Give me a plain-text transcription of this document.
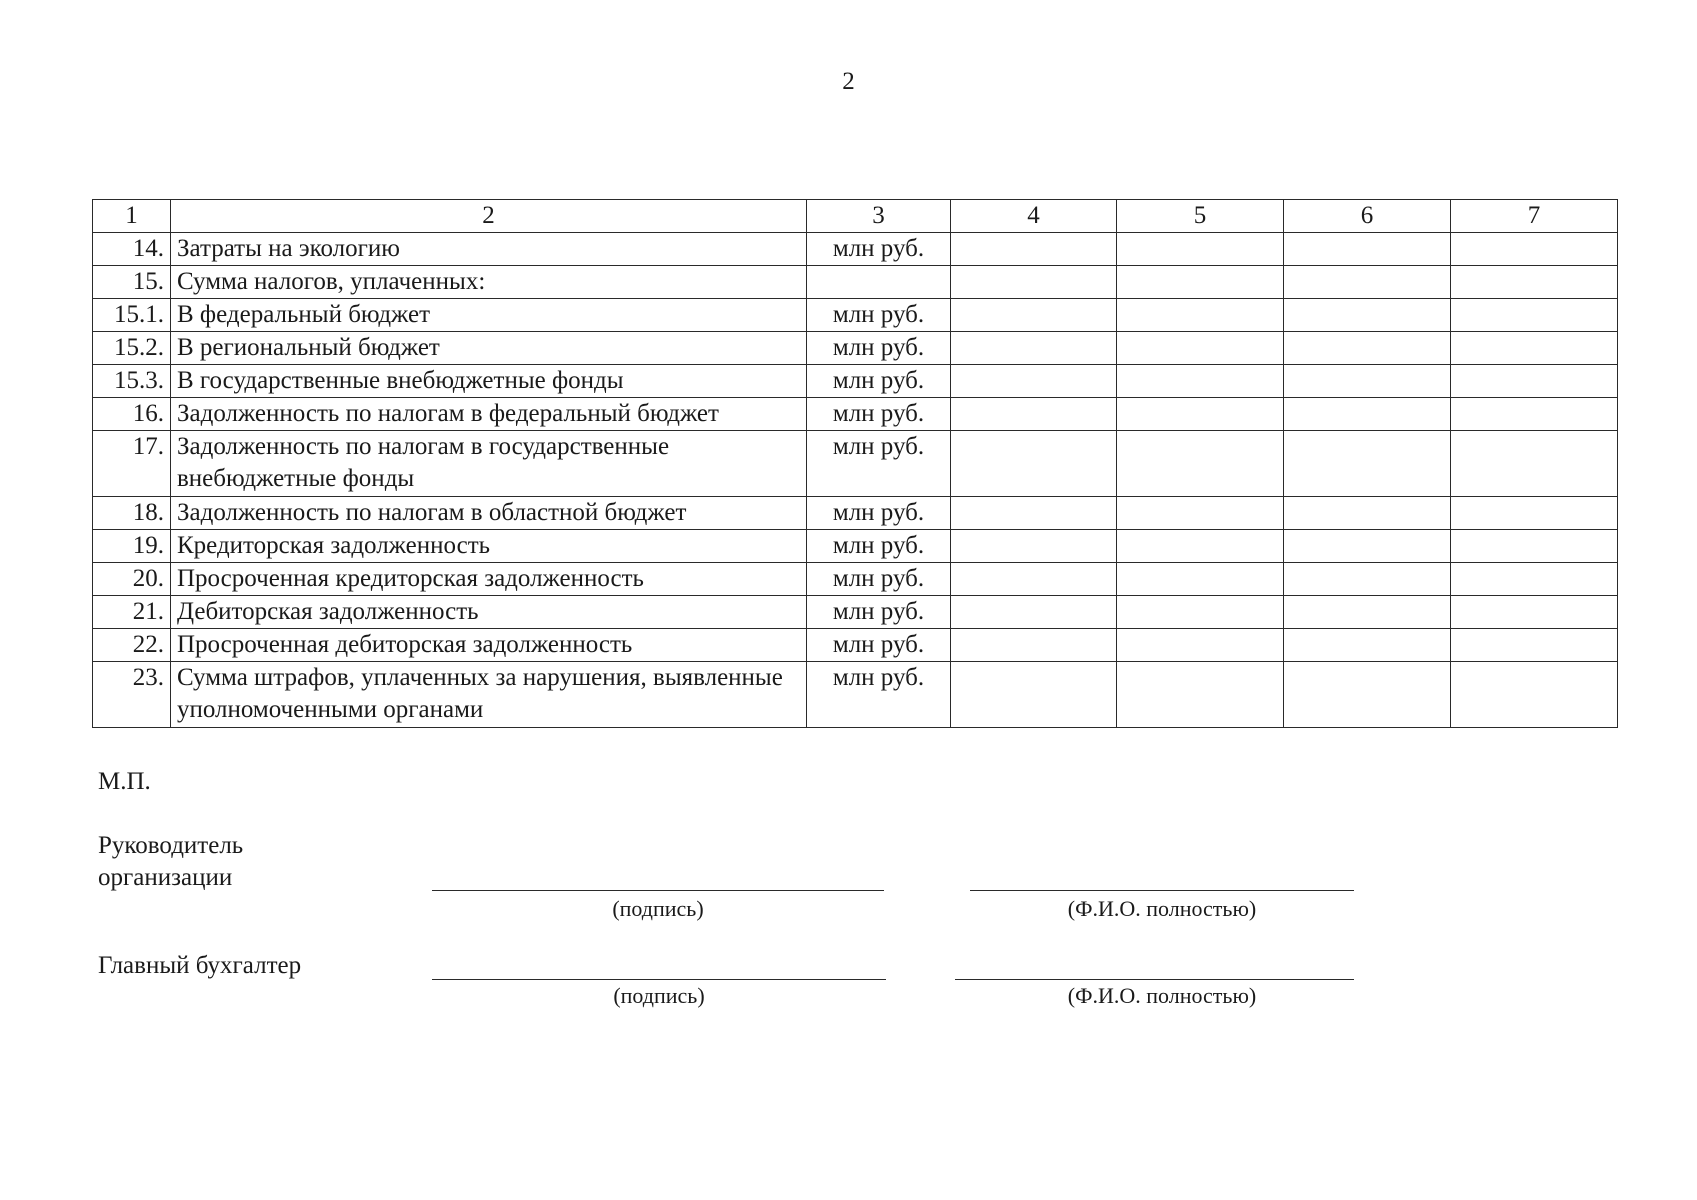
2
1	2	3	4	5	6	7
14.	Затраты на экологию	млн руб.				
15.	Сумма налогов, уплаченных:					
15.1.	В федеральный бюджет	млн руб.				
15.2.	В региональный бюджет	млн руб.				
15.3.	В государственные внебюджетные фонды	млн руб.				
16.	Задолженность по налогам в федеральный бюджет	млн руб.				
17.	Задолженность по налогам в государственные внебюджетные фонды	млн руб.				
18.	Задолженность по налогам в областной бюджет	млн руб.				
19.	Кредиторская задолженность	млн руб.				
20.	Просроченная кредиторская задолженность	млн руб.				
21.	Дебиторская задолженность	млн руб.				
22.	Просроченная дебиторская задолженность	млн руб.				
23.	Сумма штрафов, уплаченных за нарушения, выявленные уполномоченными органами	млн руб.				
М.П.
Руководитель организации
(подпись)	(Ф.И.О. полностью)
Главный бухгалтер
(подпись)	(Ф.И.О. полностью)
